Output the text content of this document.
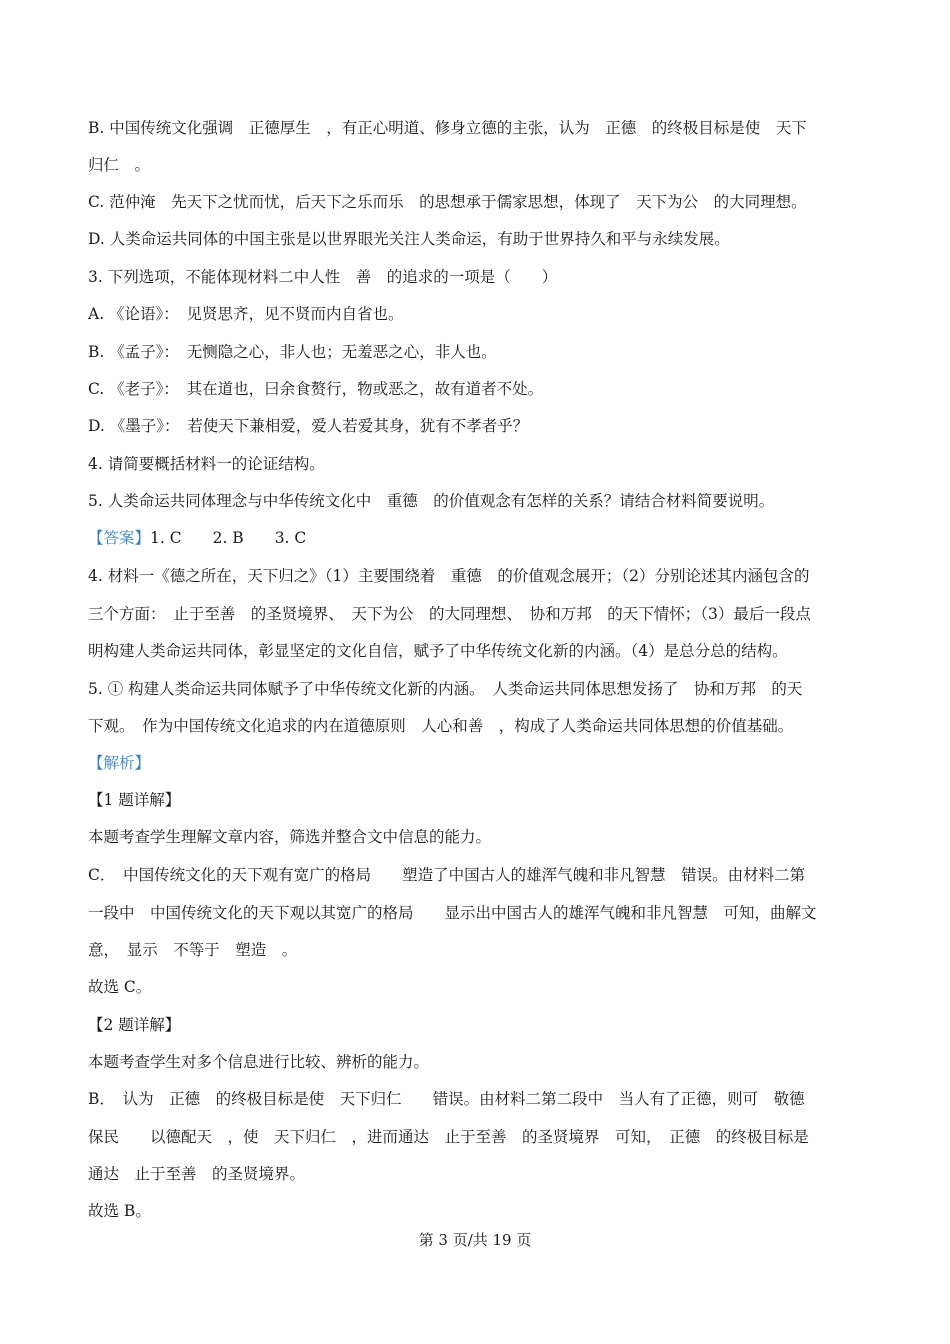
B. 中国传统文化强调　正德厚生　，有正心明道、修身立德的主张，认为　正德　的终极目标是使　天下
归仁　。
C. 范仲淹　先天下之忧而忧，后天下之乐而乐　的思想承于儒家思想，体现了　天下为公　的大同理想。
D. 人类命运共同体的中国主张是以世界眼光关注人类命运，有助于世界持久和平与永续发展。
3. 下列选项，不能体现材料二中人性　善　的追求的一项是（　　）
A. 《论语》：　见贤思齐，见不贤而内自省也。
B. 《孟子》：　无恻隐之心，非人也；无羞恶之心，非人也。
C. 《老子》：　其在道也，曰余食赘行，物或恶之，故有道者不处。
D. 《墨子》：　若使天下兼相爱，爱人若爱其身，犹有不孝者乎？
4. 请简要概括材料一的论证结构。
5. 人类命运共同体理念与中华传统文化中　重德　的价值观念有怎样的关系？请结合材料简要说明。
【答案】1. C　　2. B　　3. C
4. 材料一《德之所在，天下归之》（1）主要围绕着　重德　的价值观念展开；（2）分别论述其内涵包含的
三个方面：　止于至善　的圣贤境界、　天下为公　的大同理想、　协和万邦　的天下情怀；（3）最后一段点
明构建人类命运共同体，彰显坚定的文化自信，赋予了中华传统文化新的内涵。（4）是总分总的结构。
5. ① 构建人类命运共同体赋予了中华传统文化新的内涵。　人类命运共同体思想发扬了　协和万邦　的天
下观。　作为中国传统文化追求的内在道德原则　人心和善　，构成了人类命运共同体思想的价值基础。
【解析】
【1 题详解】
本题考查学生理解文章内容，筛选并整合文中信息的能力。
C．　中国传统文化的天下观有宽广的格局　　塑造了中国古人的雄浑气魄和非凡智慧　错误。由材料二第
一段中　中国传统文化的天下观以其宽广的格局　　显示出中国古人的雄浑气魄和非凡智慧　可知，曲解文
意，　显示　不等于　塑造　。
故选 C。
【2 题详解】
本题考查学生对多个信息进行比较、辨析的能力。
B．　认为　正德　的终极目标是使　天下归仁　　错误。由材料二第二段中　当人有了正德，则可　敬德
保民　　以德配天　，使　天下归仁　，进而通达　止于至善　的圣贤境界　可知，　正德　的终极目标是
通达　止于至善　的圣贤境界。
故选 B。
第 3 页/共 19 页
